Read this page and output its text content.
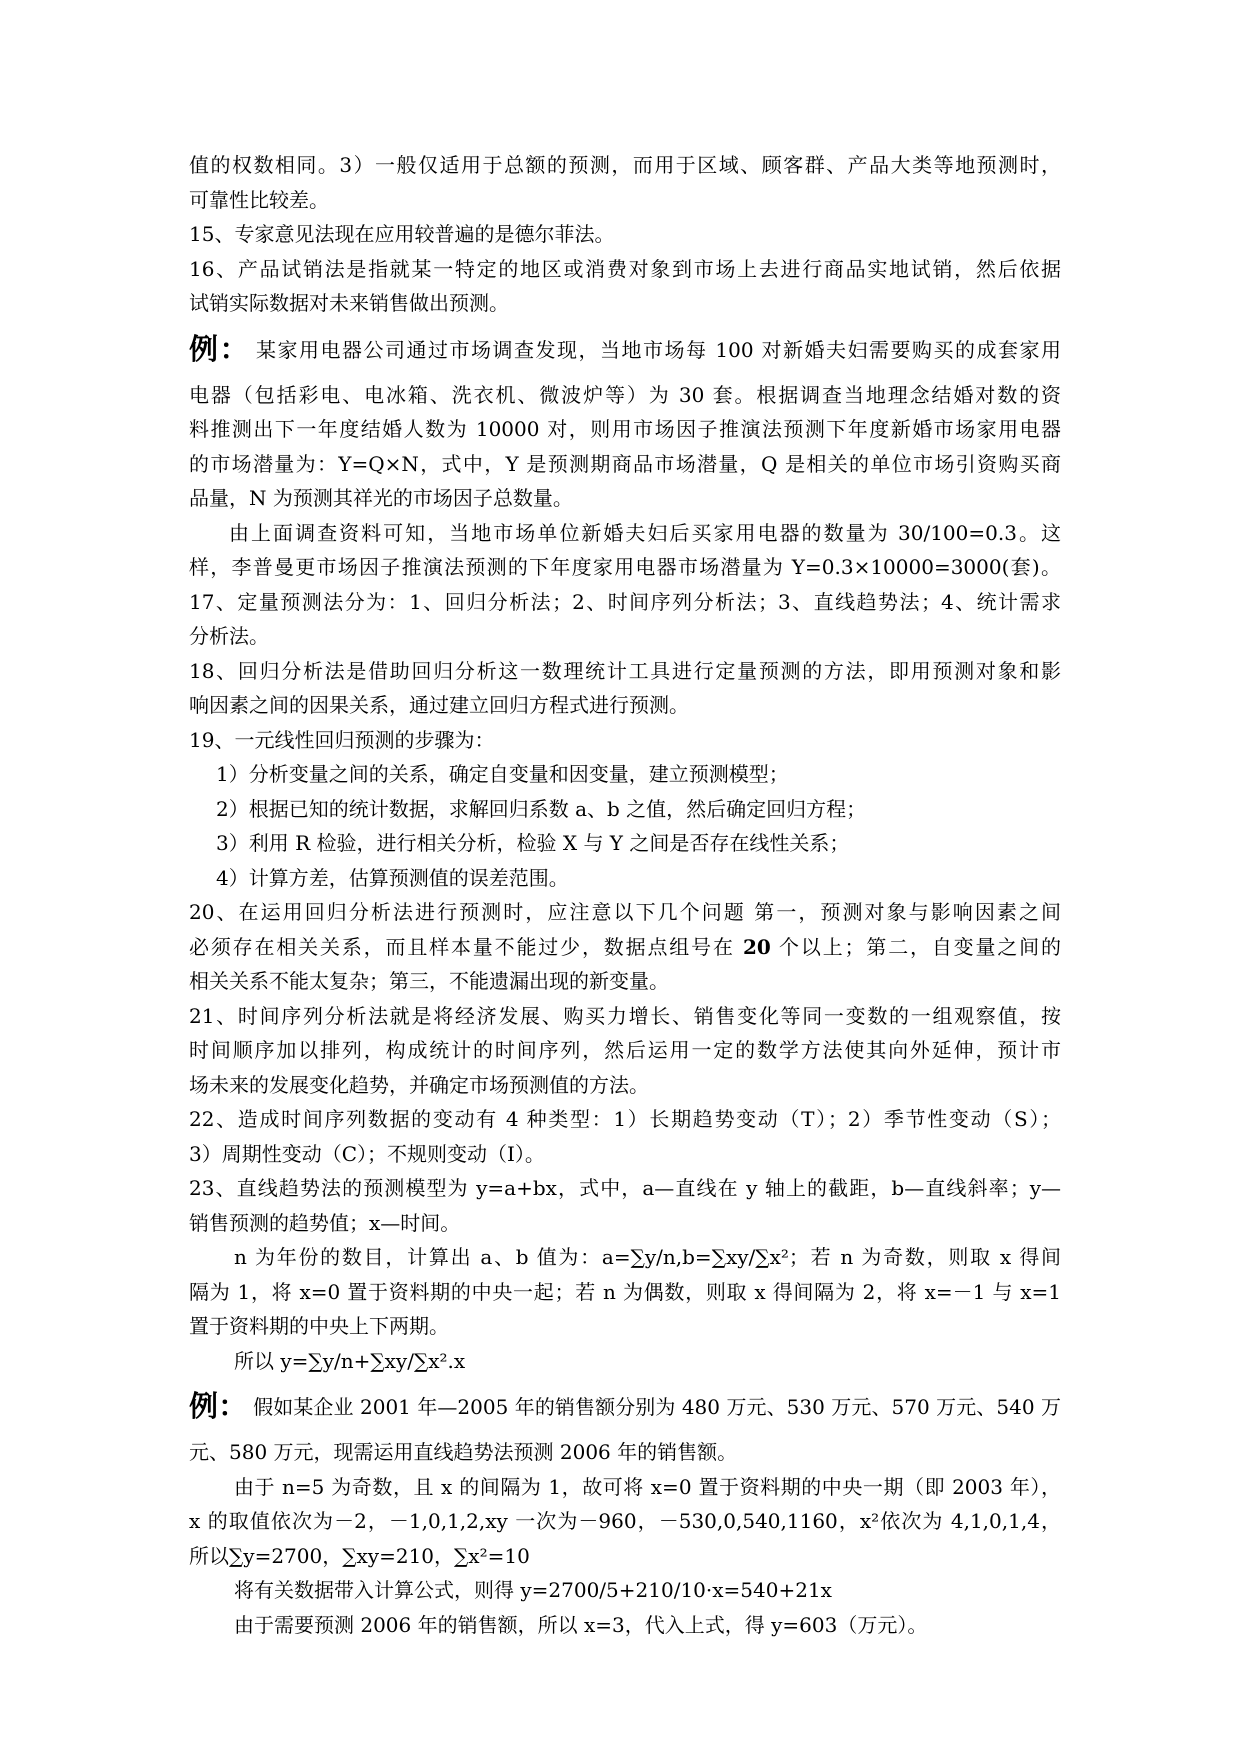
值的权数相同。3）一般仅适用于总额的预测，而用于区域、顾客群、产品大类等地预测时，

可靠性比较差。

15、专家意见法现在应用较普遍的是德尔菲法。

16、产品试销法是指就某一特定的地区或消费对象到市场上去进行商品实地试销，然后依据

试销实际数据对未来销售做出预测。

例： 某家用电器公司通过市场调查发现，当地市场每 100 对新婚夫妇需要购买的成套家用

电器（包括彩电、电冰箱、洗衣机、微波炉等）为 30 套。根据调查当地理念结婚对数的资

料推测出下一年度结婚人数为 10000 对，则用市场因子推演法预测下年度新婚市场家用电器

的市场潜量为：Y=Q×N，式中，Y 是预测期商品市场潜量，Q 是相关的单位市场引资购买商

品量，N 为预测其祥光的市场因子总数量。

由上面调查资料可知，当地市场单位新婚夫妇后买家用电器的数量为 30/100=0.3。这

样，李普曼更市场因子推演法预测的下年度家用电器市场潜量为 Y=0.3×10000=3000(套)。

17、定量预测法分为：1、回归分析法；2、时间序列分析法；3、直线趋势法；4、统计需求

分析法。

18、回归分析法是借助回归分析这一数理统计工具进行定量预测的方法，即用预测对象和影

响因素之间的因果关系，通过建立回归方程式进行预测。

19、一元线性回归预测的步骤为：

1）分析变量之间的关系，确定自变量和因变量，建立预测模型；

2）根据已知的统计数据，求解回归系数 a、b 之值，然后确定回归方程；

3）利用 R 检验，进行相关分析，检验 X 与 Y 之间是否存在线性关系；

4）计算方差，估算预测值的误差范围。

20、在运用回归分析法进行预测时，应注意以下几个问题 第一，预测对象与影响因素之间

必须存在相关关系，而且样本量不能过少，数据点组号在 20 个以上；第二，自变量之间的

相关关系不能太复杂；第三，不能遗漏出现的新变量。

21、时间序列分析法就是将经济发展、购买力增长、销售变化等同一变数的一组观察值，按

时间顺序加以排列，构成统计的时间序列，然后运用一定的数学方法使其向外延伸，预计市

场未来的发展变化趋势，并确定市场预测值的方法。

22、造成时间序列数据的变动有 4 种类型：1）长期趋势变动（T）；2）季节性变动（S）；

3）周期性变动（C）；不规则变动（I）。

23、直线趋势法的预测模型为 y=a+bx，式中，a—直线在 y 轴上的截距，b—直线斜率；y—

销售预测的趋势值；x—时间。

n 为年份的数目，计算出 a、b 值为：a=∑y/n,b=∑xy/∑x²；若 n 为奇数，则取 x 得间

隔为 1，将 x=0 置于资料期的中央一起；若 n 为偶数，则取 x 得间隔为 2，将 x=－1 与 x=1

置于资料期的中央上下两期。

所以 y=∑y/n+∑xy/∑x².x

例： 假如某企业 2001 年—2005 年的销售额分别为 480 万元、530 万元、570 万元、540 万

元、580 万元，现需运用直线趋势法预测 2006 年的销售额。

由于 n=5 为奇数，且 x 的间隔为 1，故可将 x=0 置于资料期的中央一期（即 2003 年），

x 的取值依次为－2，－1,0,1,2,xy 一次为－960，－530,0,540,1160，x²依次为 4,1,0,1,4，

所以∑y=2700，∑xy=210，∑x²=10

将有关数据带入计算公式，则得 y=2700/5+210/10·x=540+21x

由于需要预测 2006 年的销售额，所以 x=3，代入上式，得 y=603（万元）。
